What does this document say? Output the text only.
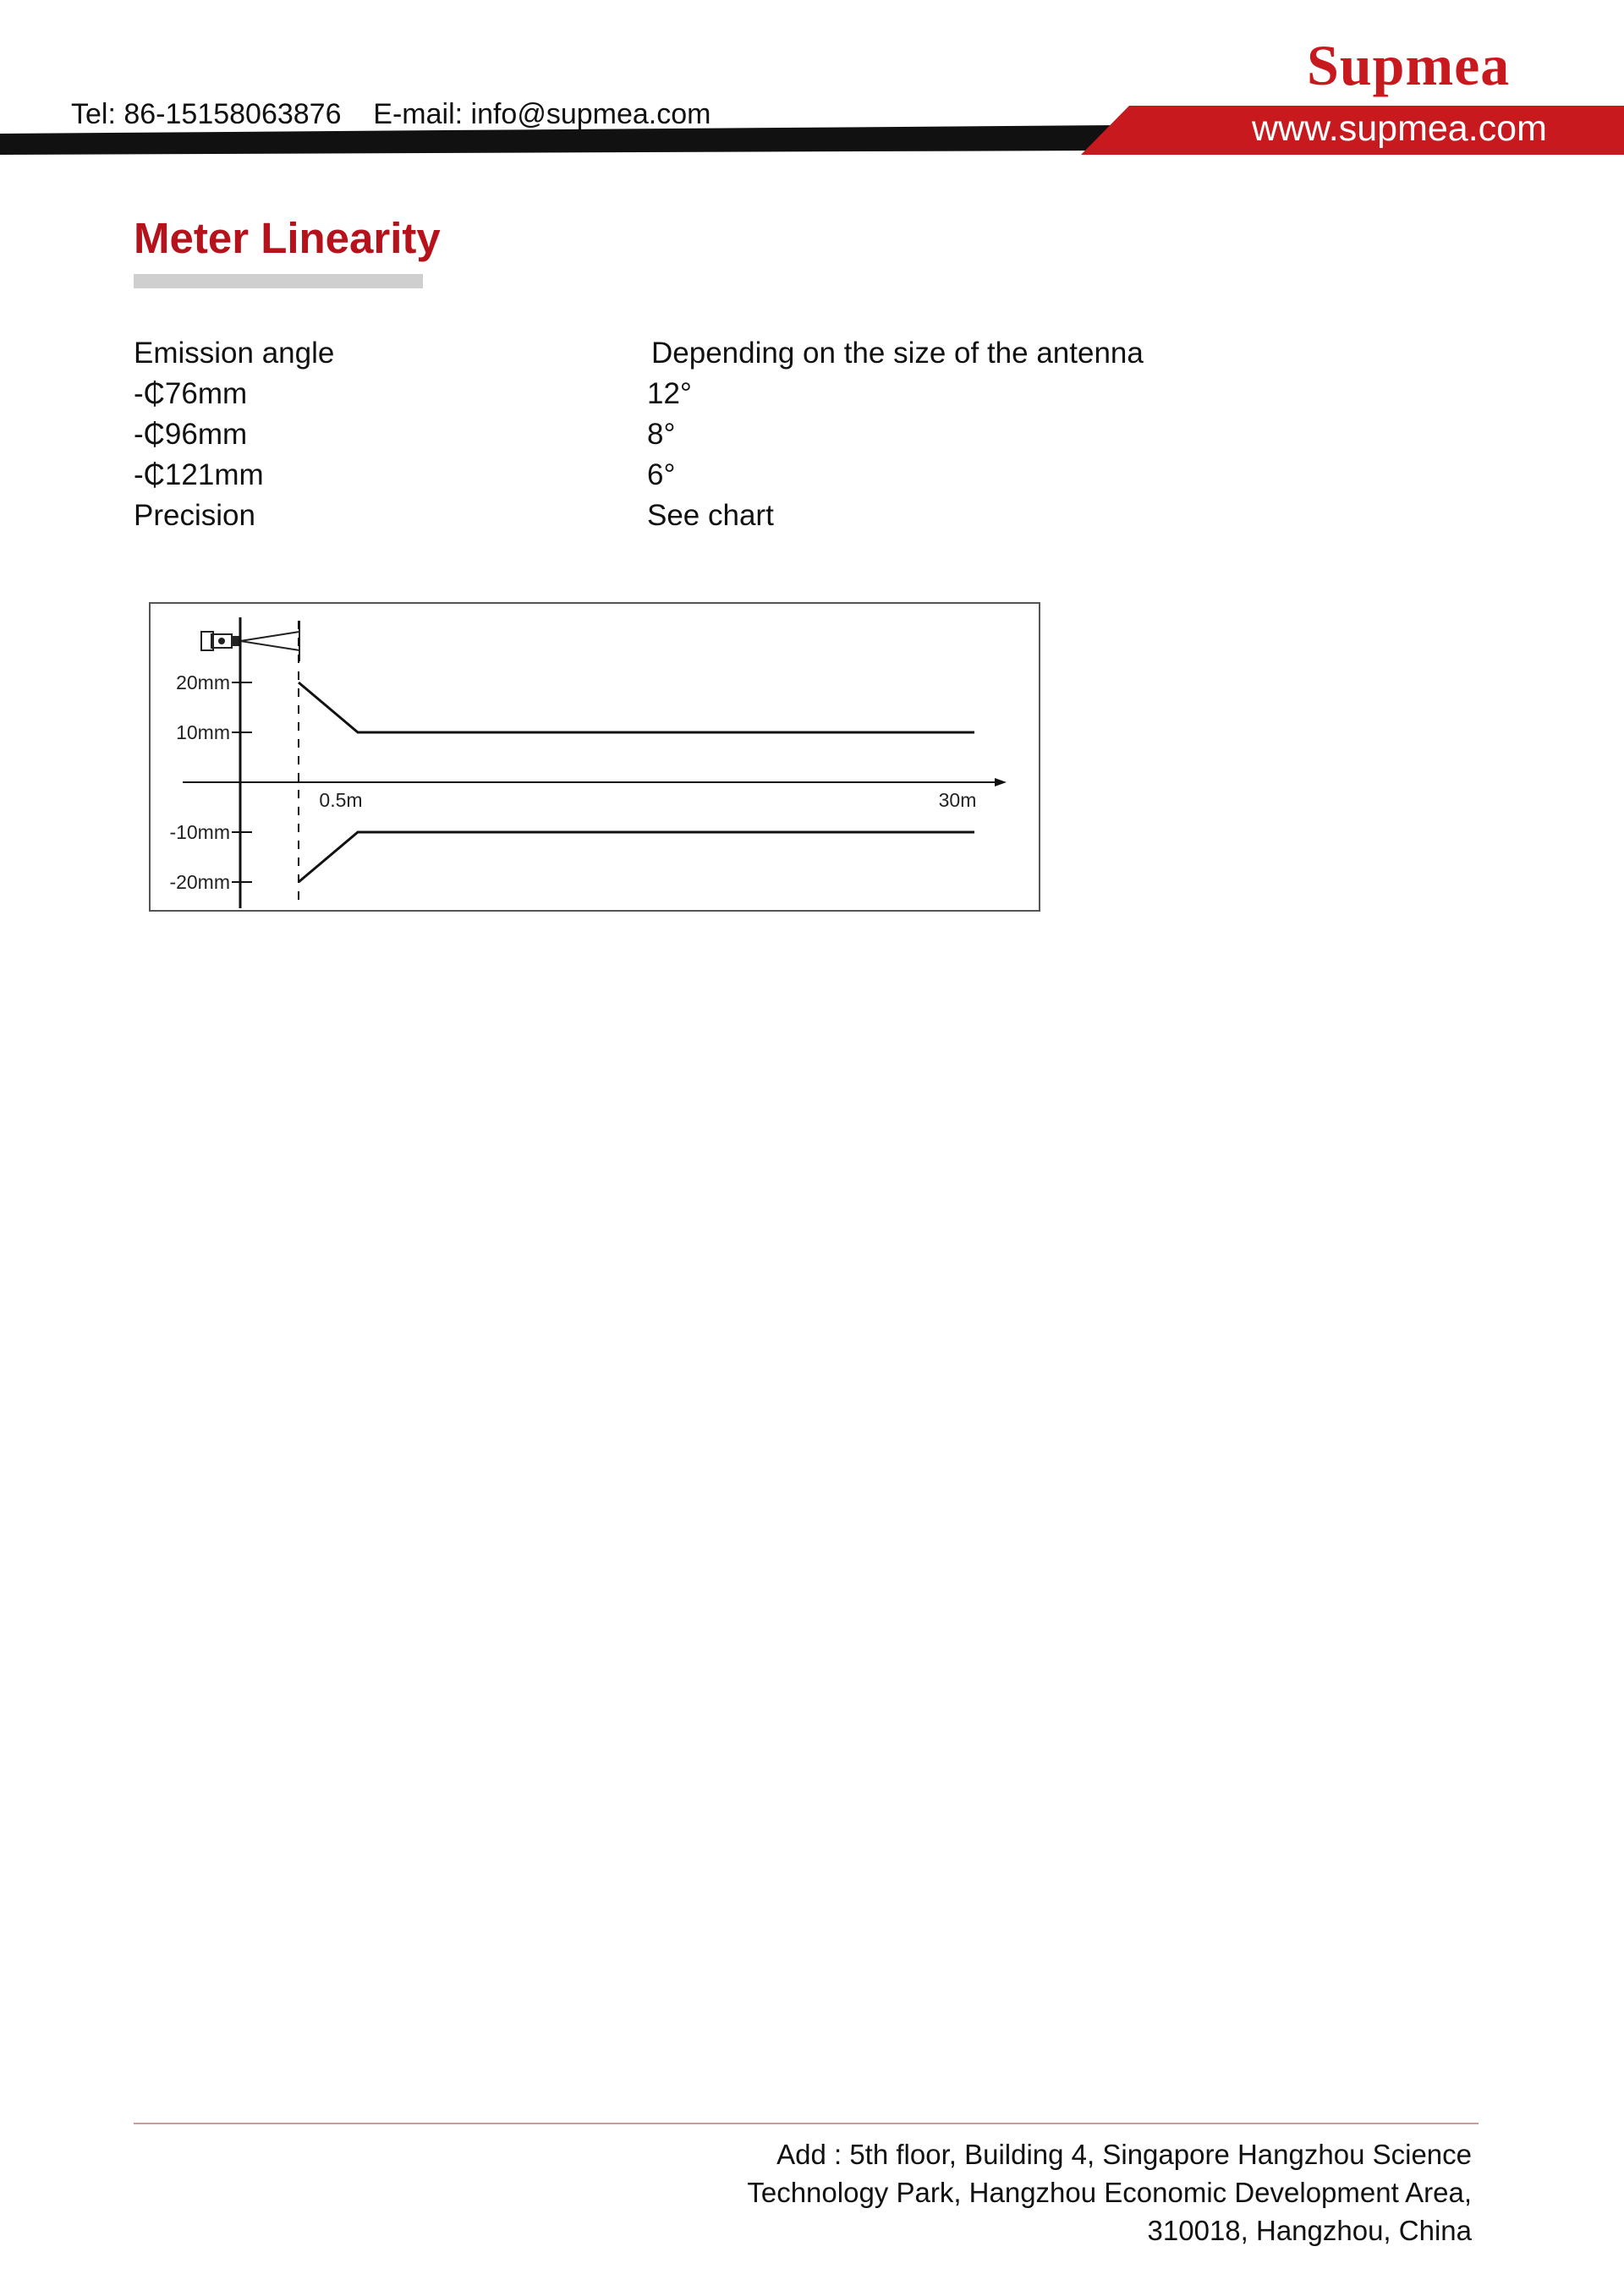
Supmea
Tel: 86-15158063876    E-mail: info@supmea.com	www.supmea.com
Meter Linearity
Emission angle	Depending on the size of the antenna
-₵76mm	12°
-₵96mm	8°
-₵121mm	6°
Precision	See chart
20mm
10mm
-10mm
-20mm
0.5m	30m
Add : 5th floor, Building 4, Singapore Hangzhou Science
Technology Park, Hangzhou Economic Development Area,
310018, Hangzhou, China
